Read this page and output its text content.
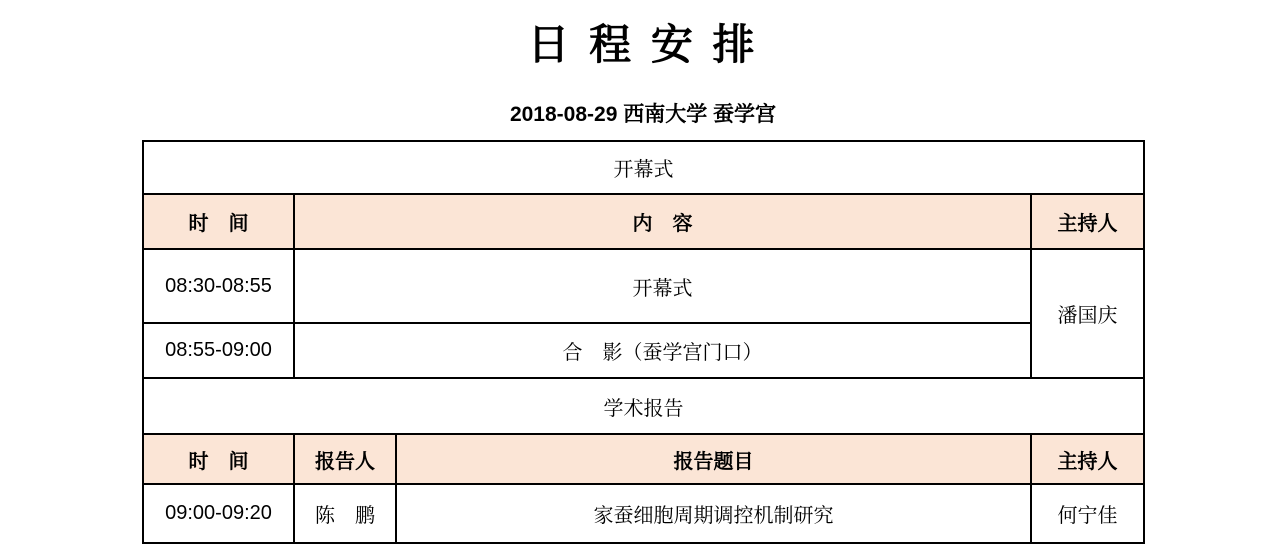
日 程 安 排
2018-08-29 西南大学 蚕学宫
开幕式			
时　间	内　容		主持人
08:30-08:55	开幕式		潘国庆
08:55-09:00	合　影（蚕学宫门口）		
学术报告			
时　间	报告人	报告题目	主持人
09:00-09:20	陈　鹏	家蚕细胞周期调控机制研究	何宁佳
